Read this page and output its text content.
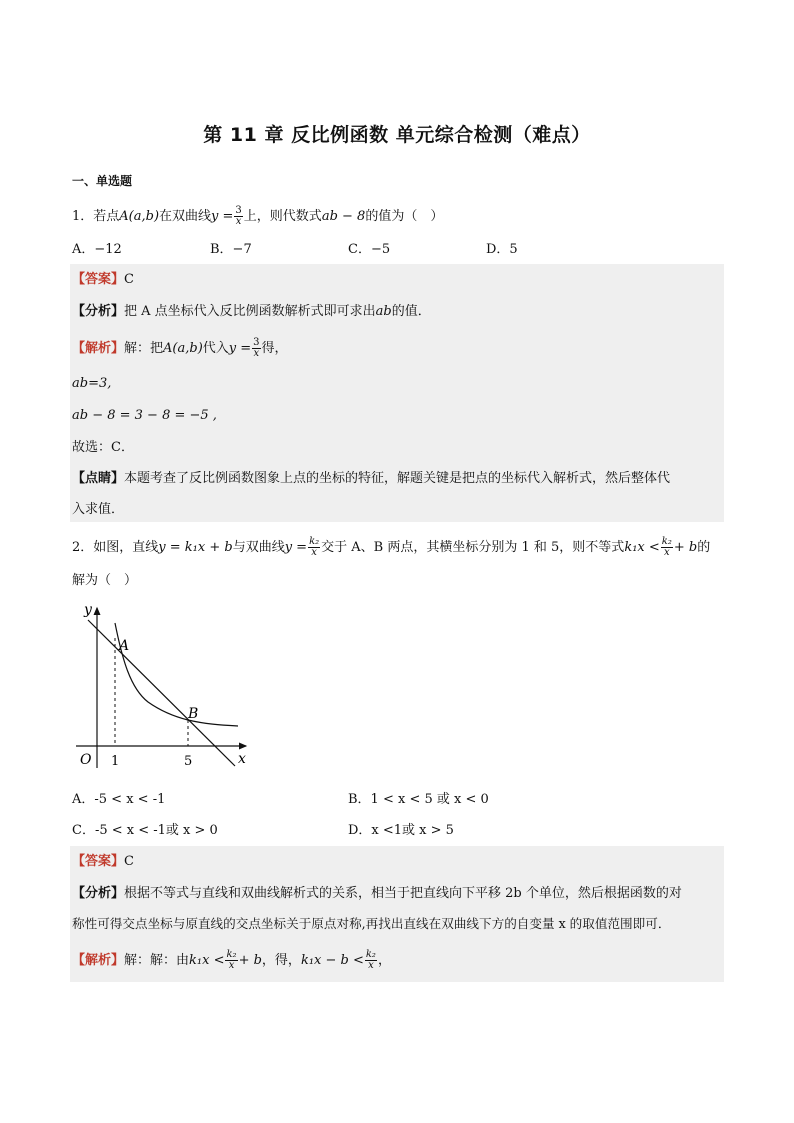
第 11 章 反比例函数 单元综合检测（难点）
一、单选题
1．若点A(a,b)在双曲线$y = \frac{3}{x}$ 上，则代数式ab − 8的值为（　）
A．−12	B．−7	C．−5	D．5
【答案】C
【分析】把 A 点坐标代入反比例函数解析式即可求出ab的值．
【解析】解：把A(a,b)代入$y = \frac{3}{x}$ 得，
ab=3,
ab − 8 = 3 − 8 = −5 ,
故选：C．
【点睛】本题考查了反比例函数图象上点的坐标的特征，解题关键是把点的坐标代入解析式，然后整体代
入求值．
2．如图，直线y = k₁x + b与双曲线$y = \frac{\text{k₂}}{x}$ 交于 A、B 两点，其横坐标分别为 1 和 5，则不等式$k_1x < \frac{\text{k₂}}{x} + b$的
解为（　）
y
x
O 1	5
A
B
A．-5 < x < -1	B．1 < x < 5 或 x < 0
C．-5 < x < -1或 x > 0	D．x <1或 x > 5
【答案】C
【分析】根据不等式与直线和双曲线解析式的关系，相当于把直线向下平移 2b 个单位，然后根据函数的对
称性可得交点坐标与原直线的交点坐标关于原点对称,再找出直线在双曲线下方的自变量 x 的取值范围即可．
【解析】解：解：由$k_1x < \frac{\text{k₂}}{x} + b$，得，$k_1x - b < \frac{\text{k₂}}{x}$ ，
